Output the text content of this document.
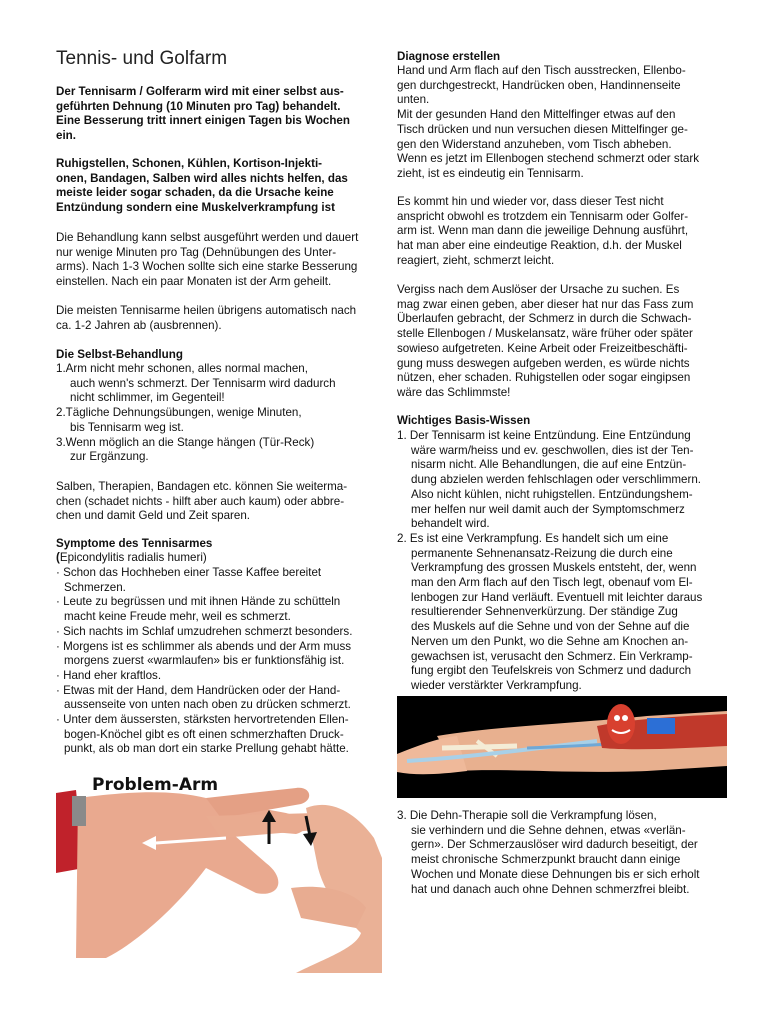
Tennis- und Golfarm
Der Tennisarm / Golferarm wird mit einer selbst aus-
geführten Dehnung (10 Minuten pro Tag) behandelt.
Eine Besserung tritt innert einigen Tagen bis Wochen
ein.
Ruhigstellen, Schonen, Kühlen, Kortison-Injekti-
onen, Bandagen, Salben wird alles nichts helfen, das
meiste leider sogar schaden, da die Ursache keine
Entzündung sondern eine Muskelverkrampfung ist
Die Behandlung kann selbst ausgeführt werden und dauert
nur wenige Minuten pro Tag (Dehnübungen des Unter-
arms). Nach 1-3 Wochen sollte sich eine starke Besserung
einstellen. Nach ein paar Monaten ist der Arm geheilt.
Die meisten Tennisarme heilen übrigens automatisch nach
ca. 1-2 Jahren ab (ausbrennen).
Die Selbst-Behandlung
1.Arm nicht mehr schonen, alles normal machen,
auch wenn's schmerzt. Der Tennisarm wird dadurch
nicht schlimmer, im Gegenteil!
2.Tägliche Dehnungsübungen, wenige Minuten,
bis Tennisarm weg ist.
3.Wenn möglich an die Stange hängen (Tür-Reck)
zur Ergänzung.
Salben, Therapien, Bandagen etc. können Sie weiterma-
chen (schadet nichts - hilft aber auch kaum) oder abbre-
chen und damit Geld und Zeit sparen.
Symptome des Tennisarmes
(Epicondylitis radialis humeri)
· Schon das Hochheben einer Tasse Kaffee bereitet
Schmerzen.
· Leute zu begrüssen und mit ihnen Hände zu schütteln
macht keine Freude mehr, weil es schmerzt.
· Sich nachts im Schlaf umzudrehen schmerzt besonders.
· Morgens ist es schlimmer als abends und der Arm muss
morgens zuerst «warmlaufen» bis er funktionsfähig ist.
· Hand eher kraftlos.
· Etwas mit der Hand, dem Handrücken oder der Hand-
aussenseite von unten nach oben zu drücken schmerzt.
· Unter dem äussersten, stärksten hervortretenden Ellen-
bogen-Knöchel gibt es oft einen schmerzhaften Druck-
punkt, als ob man dort ein starke Prellung gehabt hätte.
Problem-Arm
Diagnose erstellen
Hand und Arm flach auf den Tisch ausstrecken, Ellenbo-
gen durchgestreckt, Handrücken oben, Handinnenseite
unten.
Mit der gesunden Hand den Mittelfinger etwas auf den
Tisch drücken und nun versuchen diesen Mittelfinger ge-
gen den Widerstand anzuheben, vom Tisch abheben.
Wenn es jetzt im Ellenbogen stechend schmerzt oder stark
zieht, ist es eindeutig ein Tennisarm.
Es kommt hin und wieder vor, dass dieser Test nicht
anspricht obwohl es trotzdem ein Tennisarm oder Golfer-
arm ist. Wenn man dann die jeweilige Dehnung ausführt,
hat man aber eine eindeutige Reaktion, d.h. der Muskel
reagiert, zieht, schmerzt leicht.
Vergiss nach dem Auslöser der Ursache zu suchen. Es
mag zwar einen geben, aber dieser hat nur das Fass zum
Überlaufen gebracht, der Schmerz in durch die Schwach-
stelle Ellenbogen / Muskelansatz, wäre früher oder später
sowieso aufgetreten. Keine Arbeit oder Freizeitbeschäfti-
gung muss deswegen aufgeben werden, es würde nichts
nützen, eher schaden. Ruhigstellen oder sogar eingipsen
wäre das Schlimmste!
Wichtiges Basis-Wissen
1. Der Tennisarm ist keine Entzündung. Eine Entzündung
wäre warm/heiss und ev. geschwollen, dies ist der Ten-
nisarm nicht. Alle Behandlungen, die auf eine Entzün-
dung abzielen werden fehlschlagen oder verschlimmern.
Also nicht kühlen, nicht ruhigstellen. Entzündungshem-
mer helfen nur weil damit auch der Symptomschmerz
behandelt wird.
2. Es ist eine Verkrampfung. Es handelt sich um eine
permanente Sehnenansatz-Reizung die durch eine
Verkrampfung des grossen Muskels entsteht, der, wenn
man den Arm flach auf den Tisch legt, obenauf vom El-
lenbogen zur Hand verläuft. Eventuell mit leichter daraus
resultierender Sehnenverkürzung. Der ständige Zug
des Muskels auf die Sehne und von der Sehne auf die
Nerven um den Punkt, wo die Sehne am Knochen an-
gewachsen ist, verusacht den Schmerz. Ein Verkramp-
fung ergibt den Teufelskreis von Schmerz und dadurch
wieder verstärkter Verkrampfung.
3. Die Dehn-Therapie soll die Verkrampfung lösen,
sie verhindern und die Sehne dehnen, etwas «verlän-
gern». Der Schmerzauslöser wird dadurch beseitigt, der
meist chronische Schmerzpunkt braucht dann einige
Wochen und Monate diese Dehnungen bis er sich erholt
hat und danach auch ohne Dehnen schmerzfrei bleibt.
